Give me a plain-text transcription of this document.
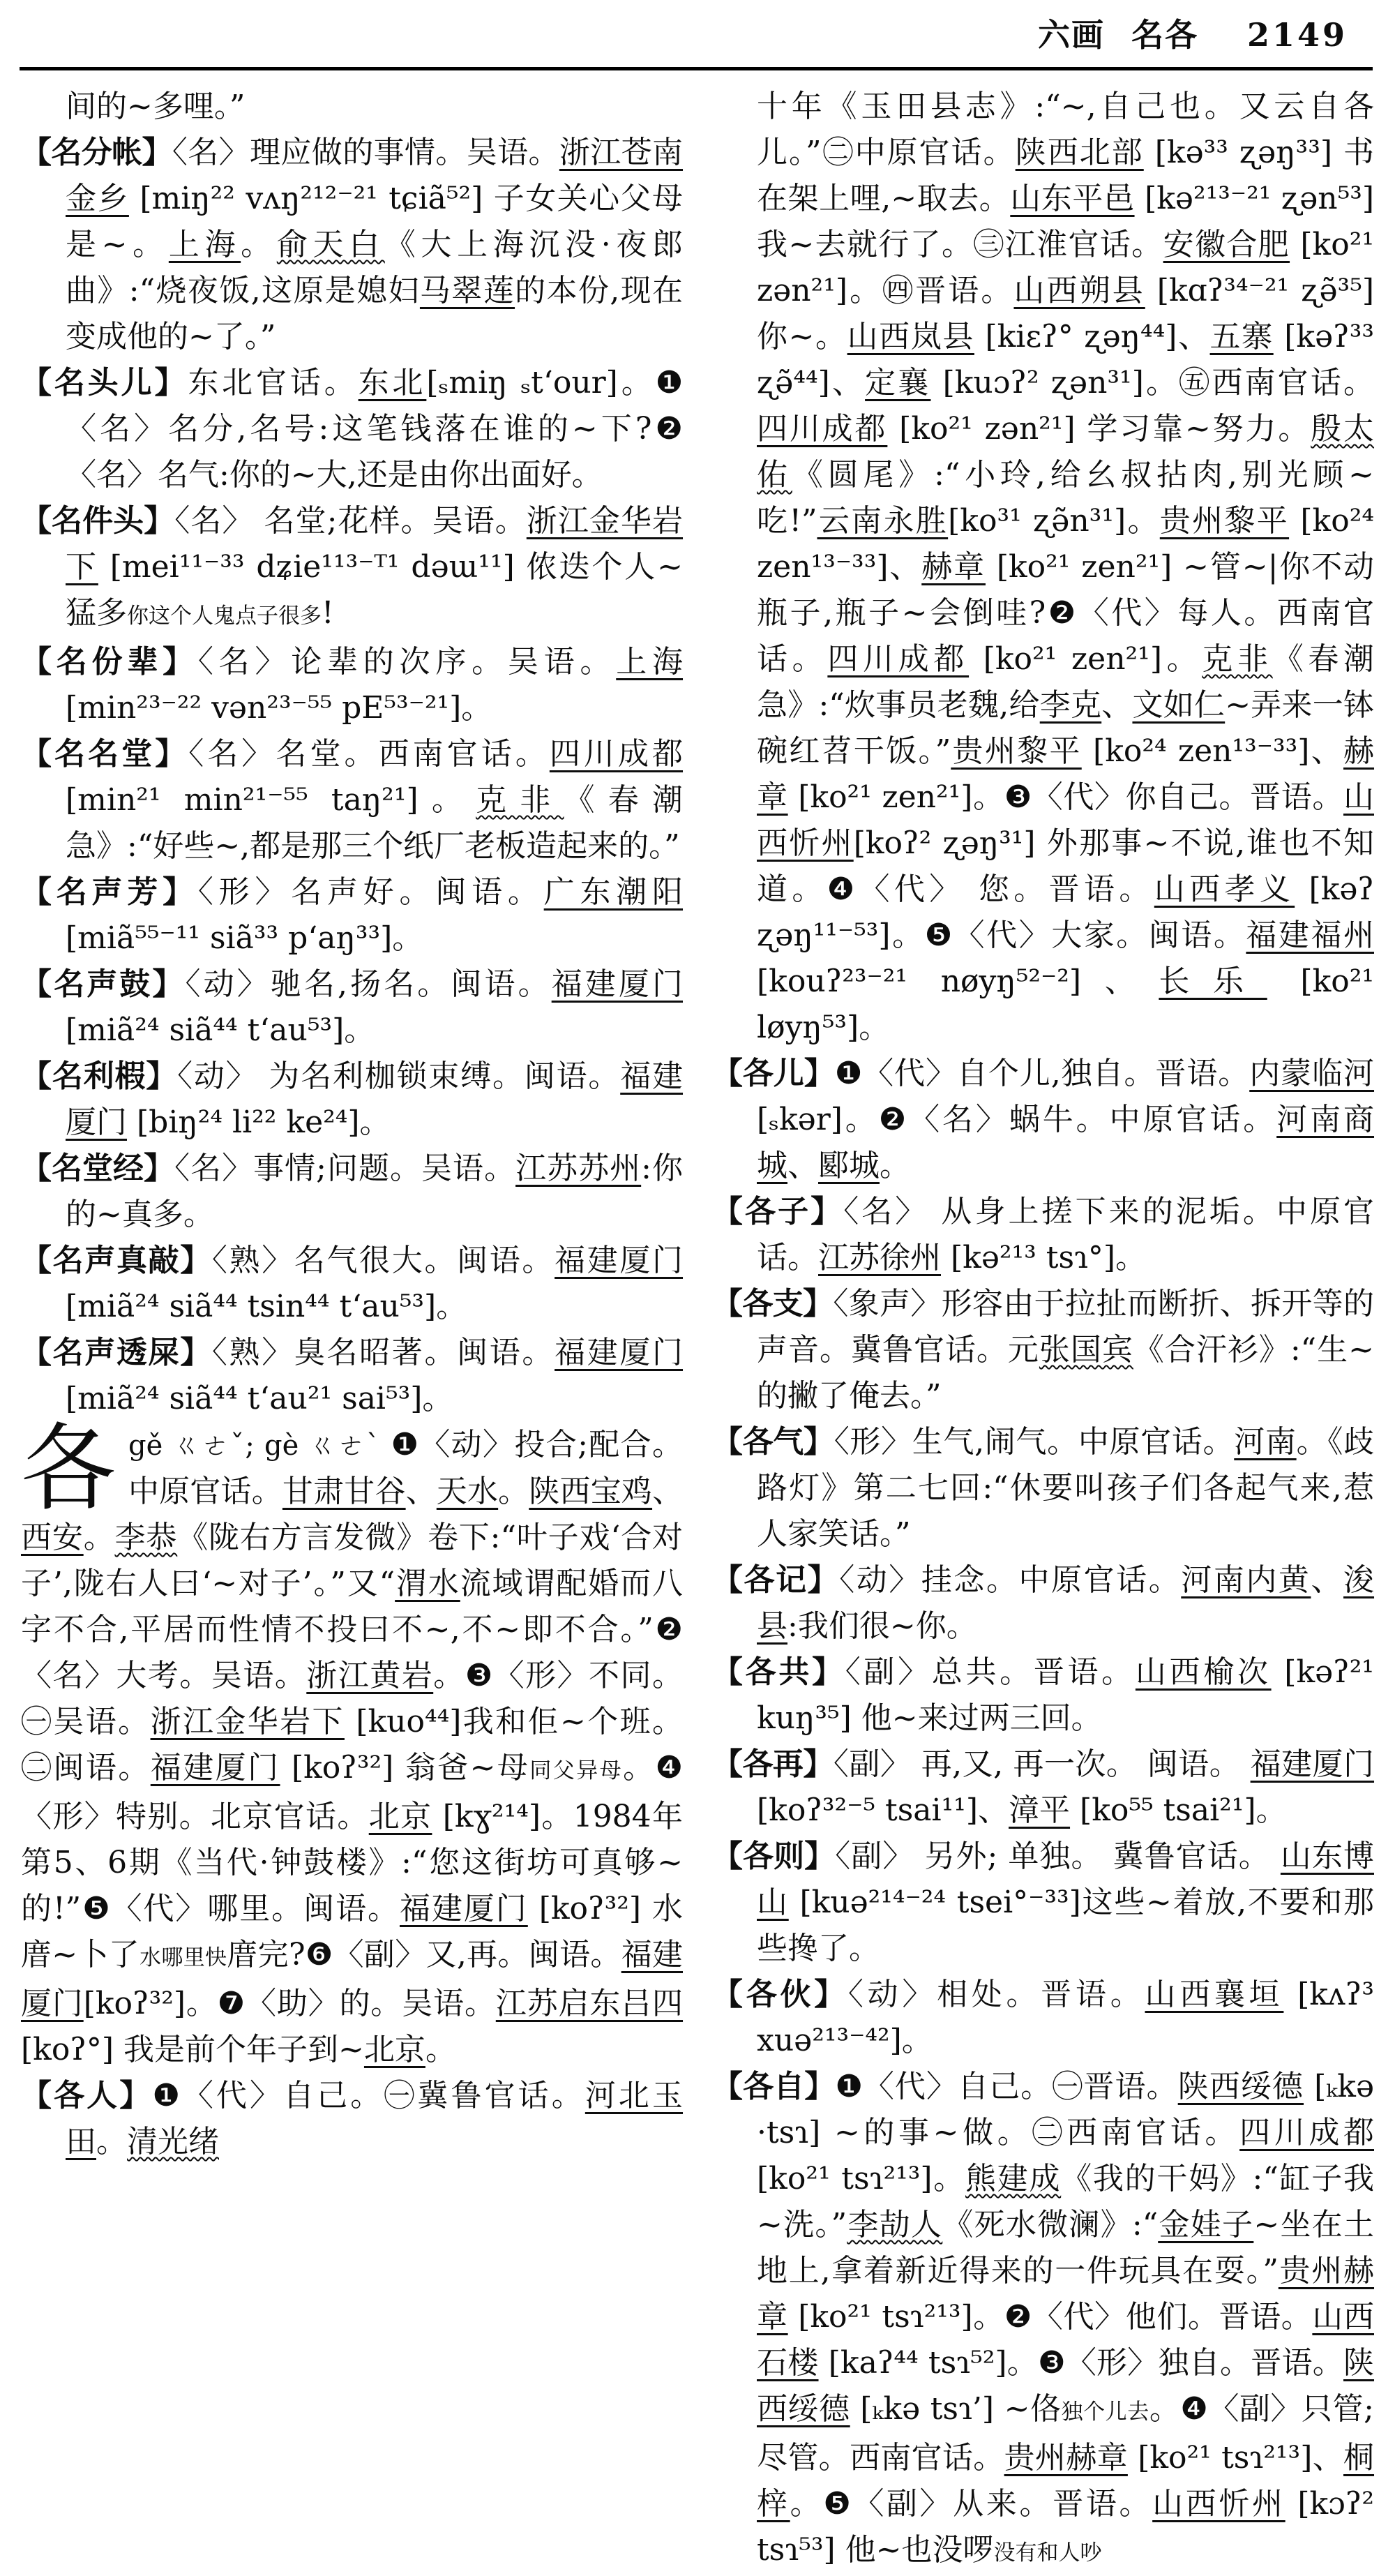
六画 名各 2149

间的~多哩。”

【名分帐】〈名〉理应做的事情。吴语。浙江苍南金乡 [miŋ²² vʌŋ²¹²⁻²¹ tɕiã⁵²] 子女关心父母是~。上海。俞天白《大上海沉没·夜郎曲》:“烧夜饭,这原是媳妇马翠莲的本份,现在变成他的~了。”

【名头儿】东北官话。东北[ₛmiŋ ₛt‘our]。❶〈名〉名分,名号:这笔钱落在谁的~下?❷〈名〉名气:你的~大,还是由你出面好。

【名件头】〈名〉 名堂;花样。吴语。浙江金华岩下 [mei¹¹⁻³³ dʑie¹¹³⁻ᵀ¹ dəɯ¹¹] 侬迭个人~猛多你这个人鬼点子很多!

【名份辈】〈名〉论辈的次序。吴语。上海 [min²³⁻²² vən²³⁻⁵⁵ pE⁵³⁻²¹]。

【名名堂】〈名〉名堂。西南官话。四川成都 [min²¹ min²¹⁻⁵⁵ taŋ²¹]。克非《春潮急》:“好些~,都是那三个纸厂老板造起来的。”

【名声芳】〈形〉名声好。闽语。广东潮阳 [miã⁵⁵⁻¹¹ siã³³ p‘aŋ³³]。

【名声鼓】〈动〉驰名,扬名。闽语。福建厦门[miã²⁴ siã⁴⁴ t‘au⁵³]。

【名利椵】〈动〉 为名利枷锁束缚。闽语。福建厦门 [biŋ²⁴ li²² ke²⁴]。

【名堂经】〈名〉事情;问题。吴语。江苏苏州:你的~真多。

【名声真敲】〈熟〉名气很大。闽语。福建厦门[miã²⁴ siã⁴⁴ tsin⁴⁴ t‘au⁵³]。

【名声透屎】〈熟〉臭名昭著。闽语。福建厦门 [miã²⁴ siã⁴⁴ t‘au²¹ sai⁵³]。

各gě ㄍㄜˇ; gè ㄍㄜˋ ❶〈动〉投合;配合。中原官话。甘肃甘谷、天水。陕西宝鸡、西安。李恭《陇右方言发微》卷下:“叶子戏‘合对子’,陇右人曰‘~对子’。”又“渭水流域谓配婚而八字不合,平居而性情不投曰不~,不~即不合。”❷〈名〉大考。吴语。浙江黄岩。❸〈形〉不同。㊀吴语。浙江金华岩下 [kuo⁴⁴]我和佢~个班。㊁闽语。福建厦门 [koʔ³²] 翁爸~母同父异母。❹〈形〉特别。北京官话。北京 [kɣ²¹⁴]。1984年第5、6期《当代·钟鼓楼》:“您这街坊可真够~的!”❺〈代〉哪里。闽语。福建厦门 [koʔ³²] 水庴~卜了水哪里快庴完?❻〈副〉又,再。闽语。福建厦门[koʔ³²]。❼〈助〉的。吴语。江苏启东吕四 [koʔ°] 我是前个年子到~北京。

【各人】❶〈代〉自己。㊀冀鲁官话。河北玉田。清光绪

十年《玉田县志》:“~,自己也。又云自各儿。”㊁中原官话。陕西北部 [kə³³ ʐəŋ³³] 书在架上哩,~取去。山东平邑 [kə²¹³⁻²¹ ʐən⁵³] 我~去就行了。㊂江淮官话。安徽合肥 [ko²¹ zən²¹]。㊃晋语。山西朔县 [kɑʔ³⁴⁻²¹ ʐə̃³⁵] 你~。山西岚县 [kiɛʔ° ʐəŋ⁴⁴]、五寨 [kəʔ³³ ʐə̃⁴⁴]、定襄 [kuɔʔ² ʐən³¹]。㊄西南官话。四川成都 [ko²¹ zən²¹] 学习靠~努力。殷太佑《圆尾》:“小玲,给幺叔拈肉,别光顾~吃!”云南永胜[ko³¹ ʐə̃n³¹]。贵州黎平 [ko²⁴ zen¹³⁻³³]、赫章 [ko²¹ zen²¹] ~管~|你不动瓶子,瓶子~会倒哇?❷〈代〉每人。西南官话。四川成都 [ko²¹ zen²¹]。克非《春潮急》:“炊事员老魏,给李克、文如仁~弄来一钵碗红苕干饭。”贵州黎平 [ko²⁴ zen¹³⁻³³]、赫章 [ko²¹ zen²¹]。❸〈代〉你自己。晋语。山西忻州[koʔ² ʐəŋ³¹] 外那事~不说,谁也不知道。❹〈代〉 您。晋语。山西孝义 [kəʔ ʐəŋ¹¹⁻⁵³]。❺〈代〉大家。闽语。福建福州 [kouʔ²³⁻²¹ nøyŋ⁵²⁻²]、长乐 [ko²¹ løyŋ⁵³]。

【各儿】❶〈代〉自个儿,独自。晋语。内蒙临河[ₛkər]。❷〈名〉蜗牛。中原官话。河南商城、郾城。

【各子】〈名〉 从身上搓下来的泥垢。中原官话。江苏徐州 [kə²¹³ tsɿ°]。

【各支】〈象声〉形容由于拉扯而断折、拆开等的声音。冀鲁官话。元张国宾《合汗衫》:“生~的撇了俺去。”

【各气】〈形〉生气,闹气。中原官话。河南。《歧路灯》第二七回:“休要叫孩子们各起气来,惹人家笑话。”

【各记】〈动〉挂念。中原官话。河南内黄、浚县:我们很~你。

【各共】〈副〉总共。晋语。山西榆次 [kəʔ²¹ kuŋ³⁵] 他~来过两三回。

【各再】〈副〉 再,又, 再一次。 闽语。 福建厦门 [koʔ³²⁻⁵ tsai¹¹]、漳平 [ko⁵⁵ tsai²¹]。

【各则】〈副〉 另外; 单独。 冀鲁官话。 山东博山 [kuə²¹⁴⁻²⁴ tsei°⁻³³]这些~着放,不要和那些搀了。

【各伙】〈动〉相处。晋语。山西襄垣 [kʌʔ³ xuə²¹³⁻⁴²]。

【各自】❶〈代〉自己。㊀晋语。陕西绥德 [ₖkə ·tsɿ] ~的事~做。㊁西南官话。四川成都 [ko²¹ tsɿ²¹³]。熊建成《我的干妈》:“缸子我~洗。”李劼人《死水微澜》:“金娃子~坐在土地上,拿着新近得来的一件玩具在耍。”贵州赫章 [ko²¹ tsɿ²¹³]。❷〈代〉他们。晋语。山西石楼 [kaʔ⁴⁴ tsɿ⁵²]。❸〈形〉独自。晋语。陕西绥德 [ₖkə tsɿ’] ~佫独个儿去。❹〈副〉只管;尽管。西南官话。贵州赫章 [ko²¹ tsɿ²¹³]、桐梓。❺〈副〉从来。晋语。山西忻州 [kɔʔ² tsɿ⁵³] 他~也没啰没有和人吵
